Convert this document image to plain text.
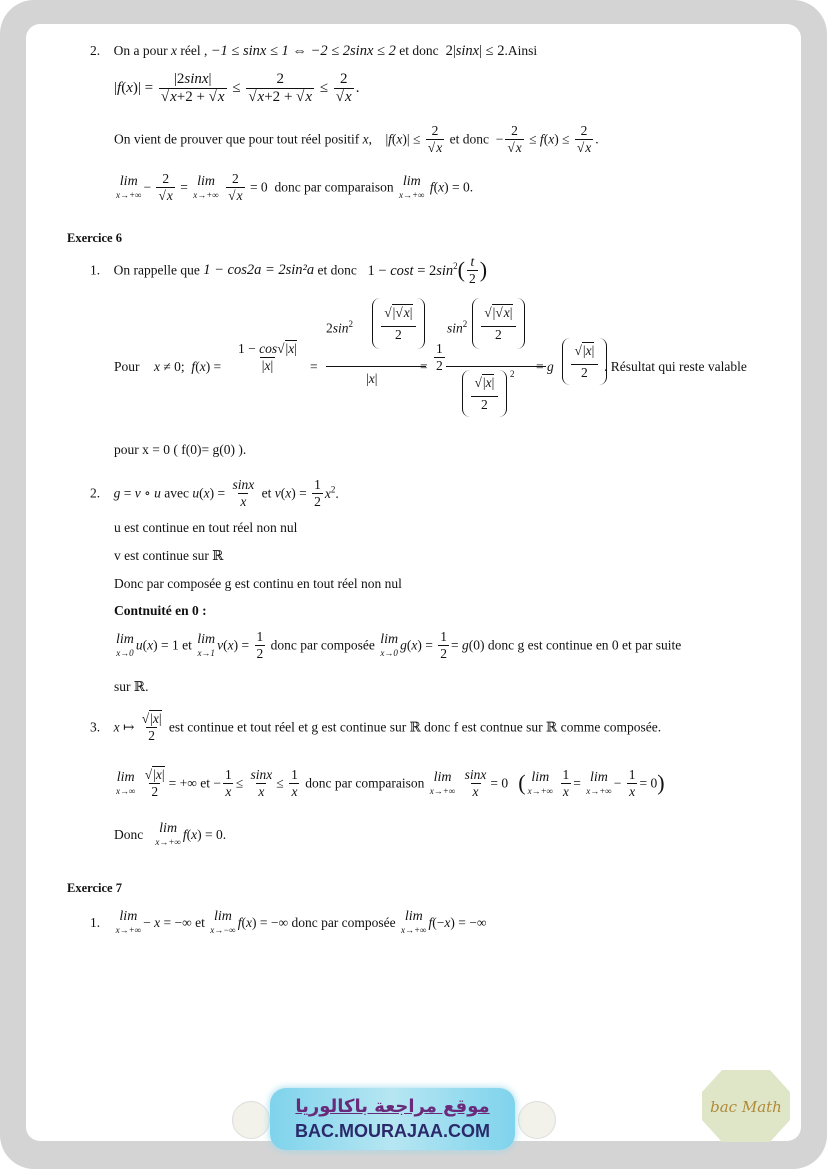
2. On a pour x réel , −1 ≤ sinx ≤ 1 ⇔ −2 ≤ 2sinx ≤ 2 et donc  2|sinx| ≤ 2.Ainsi
|f(x)| = |2sinx|
√ x+2 + √ x ≤ 2
√ x+2 + √ x ≤ 2
√ x .
On vient de prouver que pour tout réel positif x,    |f(x)| ≤ 2
√ x et donc  − 2
√ x ≤ f(x) ≤ 2
√ x .
lim
x→+∞
− 2
√ x = lim
x→+∞
2
√ x = 0  donc par comparaison lim
x→+∞
f(x) = 0.
Exercice 6
1. On rappelle que 1 − cos2a = 2sin²a et donc   $1 - \cos t = 2\sin^2( \frac{t}{2}$ )
Pour x ≠ 0;  f(x) =
1 − cos √ |x|
|x|	=
$2\sin^2$
√ | √ x|
2
|x|
=
1
2
$\sin^2$
√ | √ x|
2
√ |x|
2
2 = g
√ |x|
2	. Résultat qui reste valable
pour x = 0 ( f(0)= g(0) ).
2. g = v ∘ u avec $u(x) = \frac{\sin x}{x}$ et $v(x) = \frac{1}{2} x^2$.
u est continue en tout réel non nul
v est continue sur ℝ
Donc par composée g est continu en tout réel non nul
Contnuité en 0 :
lim
x→0
u(x) = 1 et lim
x→1
$v(x) = \frac{1}{2}$ donc par composée lim
x→0
$g(x) = \frac{1}{2} = g(0)$ donc g est continue en 0 et par suite
sur ℝ.
3. x ↦ √ $\frac{|x|}{2}$ est continue et tout réel et g est continue sur ℝ donc f est contnue sur ℝ comme composée.
lim
x→∞
√ $\frac{|x|}{2}$ = +∞ et − $\frac{1}{x} \le \frac{\sin x}{x} \le \frac{1}{x}$ donc par comparaison lim
x→+∞
$\frac{\sin x}{x} = 0$   ( lim
x→+∞
$\frac{1}{x} = \lim$
x→+∞
− $\frac{1}{x} = 0$)
Donc lim
x→+∞
f(x) = 0.
Exercice 7
1. lim
x→+∞
− x = −∞ et lim
x→−∞
f(x) = −∞ donc par composée lim
x→+∞
f(−x) = −∞
موقع مراجعة باكالوريا
BAC.MOURAJAA.COM
bac Math
